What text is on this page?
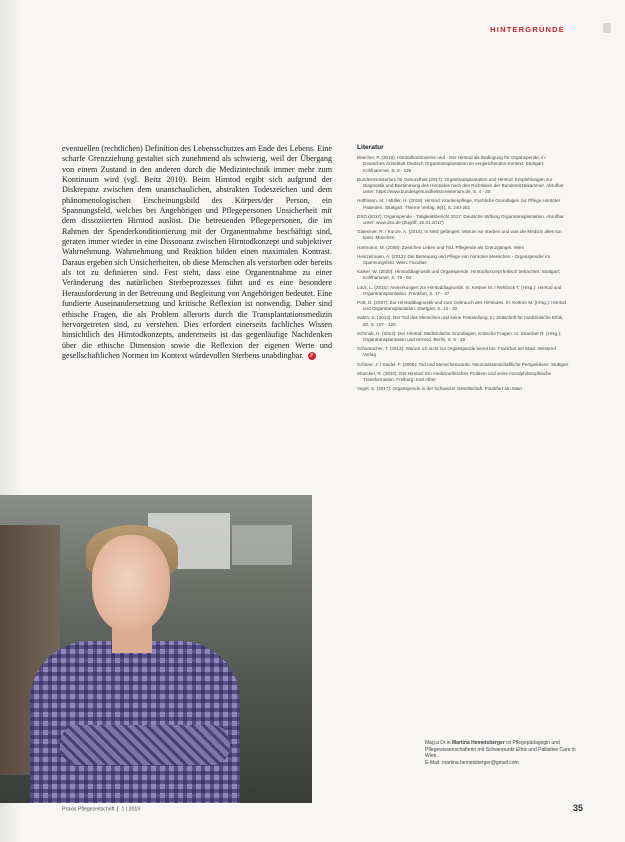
HINTERGRÜNDE
eventuellen (rechtlichen) Definition des Lebensschutzes am Ende des Lebens. Eine scharfe Grenzziehung gestaltet sich zunehmend als schwierig, weil der Übergang von einem Zustand in den anderen durch die Medizintechnik immer mehr zum Kontinuum wird (vgl. Beitz 2010). Beim Hirntod ergibt sich aufgrund der Diskrepanz zwischen dem unanschaulichen, abstrakten Todeszeichen und dem phänomenologischen Erscheinungsbild des Körpers/der Person, ein Spannungsfeld, welches bei Angehörigen und Pflegepersonen Unsicherheit mit dem dissoziierten Hirntod auslöst. Die betreuenden Pflegepersonen, die im Rahmen der Spenderkonditionierung mit der Organentnahme beschäftigt sind, geraten immer wieder in eine Dissonanz zwischen Hirntodkonzept und subjektiver Wahrnehmung. Wahrnehmung und Reaktion bilden einen maximalen Kontrast. Daraus ergeben sich Unsicherheiten, ob diese Menschen als verstorben oder bereits als tot zu definieren sind. Fest steht, dass eine Organentnahme zu einer Veränderung des natürlichen Sterbeprozesses führt und es eine besondere Herausforderung in der Betreuung und Begleitung von Angehörigen bedeutet. Eine fundierte Auseinandersetzung und kritische Reflexion ist notwendig. Daher sind ethische Fragen, die als Problem allerorts durch die Transplantationsmedizin hervorgetreten sind, zu verstehen. Dies erfordert einerseits fachliches Wissen hinsichtlich des Hirntodkonzepts, andererseits ist das gegenläufige Nachdenken über die ethische Dimension sowie die Reflexion der eigenen Werte und gesellschaftlichen Normen im Kontext würdevollen Sterbens unabdingbar. P
Literatur
Beecher, P. (2016): Hirntodkontroverse und - Der Hirntod als Bedingung für Organspende, in: Deutsches Ärzteblatt Deutsch Organtransplantation im vergleichenden Kontext. Stuttgart: Kohlhammer, S. 9 - 135
Bundesministerium für Gesundheit (2017): Organtransplantation und Hirntod: Empfehlungen zur Diagnostik und Bestimmung des Hirntodes nach den Richtlinien der Bundesärztekammer. Abrufbar unter: https://www.bundesgesundheitsministerium.de, S. 4 - 30
Hoffmann, M. / Müller, H. (2019): Hirntod: Krankenpflege, Fachliche Grundlagen zur Pflege Hirntoter Patienten. Stuttgart: Thieme Verlag, 8(4), S. 240-251
DSO (2017): Organspende - Tätigkeitsbericht 2017: Deutsche Stiftung Organtransplantation. Abrufbar unter: www.dso.de (Zugriff: 22.01.2017)
Glaesmer, R. / Kunze, A. (2014): In Netz gefangen: Warum wir sterben und was die Medizin alles tun kann. München
Hartmann, M. (2006): Zwischen Leben und Tod. Pflegende als Grenzgänger. Wien
Heinzelmann, A. (2012): Die Betreuung und Pflege von hirntoten Menschen - Organspender im Spannungsfeld. Wien: Facultas
Kaiser, W. (2020): Hirntoddiagnostik und Organspende, Hirntodkonzept kritisch betrachtet. Stuttgart: Kohlhammer, S. 79 - 92
Lück, L. (2016): Anmerkungen zur Hirntoddiagnostik. In: Kettner M. / Rehbock T. (Hrsg.): Hirntod und Organtransplantation. Frankfurt, S. 17 - 47
Pott, G. (2007): Zur Hirntoddiagnostik und zum Gebrauch des Hirntodes. In: Kettner M. (Hrsg.): Hirntod und Organtransplantation. Stuttgart, S. 13 - 32
Sahm, S. (2014): Der Tod des Menschen und seine Feststellung. In: Zeitschrift für medizinische Ethik, 60, S. 107 - 120
Schmidt, H. (2014): Der Hirntod: Medizinische Grundlagen, Kritische Fragen. In: Stoecker R. (Hrsg.): Organtransplantation und Hirntod. Berlin, S. 5 - 26
Schumacher, T. (2013): Warum ich nicht zur Organspende bereit bin. Frankfurt am Main: Westend Verlag
Schöne, J. / Seidel, F. (2008): Tod und Menschenwürde. Neurowissenschaftliche Perspektiven. Stuttgart
Stoecker, R. (2010): Der Hirntod: Ein medizinethisches Problem und seine moralphilosophische Transformation. Freiburg: Karl Alber
Vogel, S. (2017): Organspende in der Schweizer Gesellschaft. Frankfurt am Main
Mag.a Dr.in Martina Hemetsberger ist Pflegepädagogin und Pflegewissenschafterin mit Schwerpunkt Ethik und Palliative Care in Wien.
E-Mail: martina.hemetsberger@gmail.com
Praxis Pflegezeitschrift 1 | 2019	35
